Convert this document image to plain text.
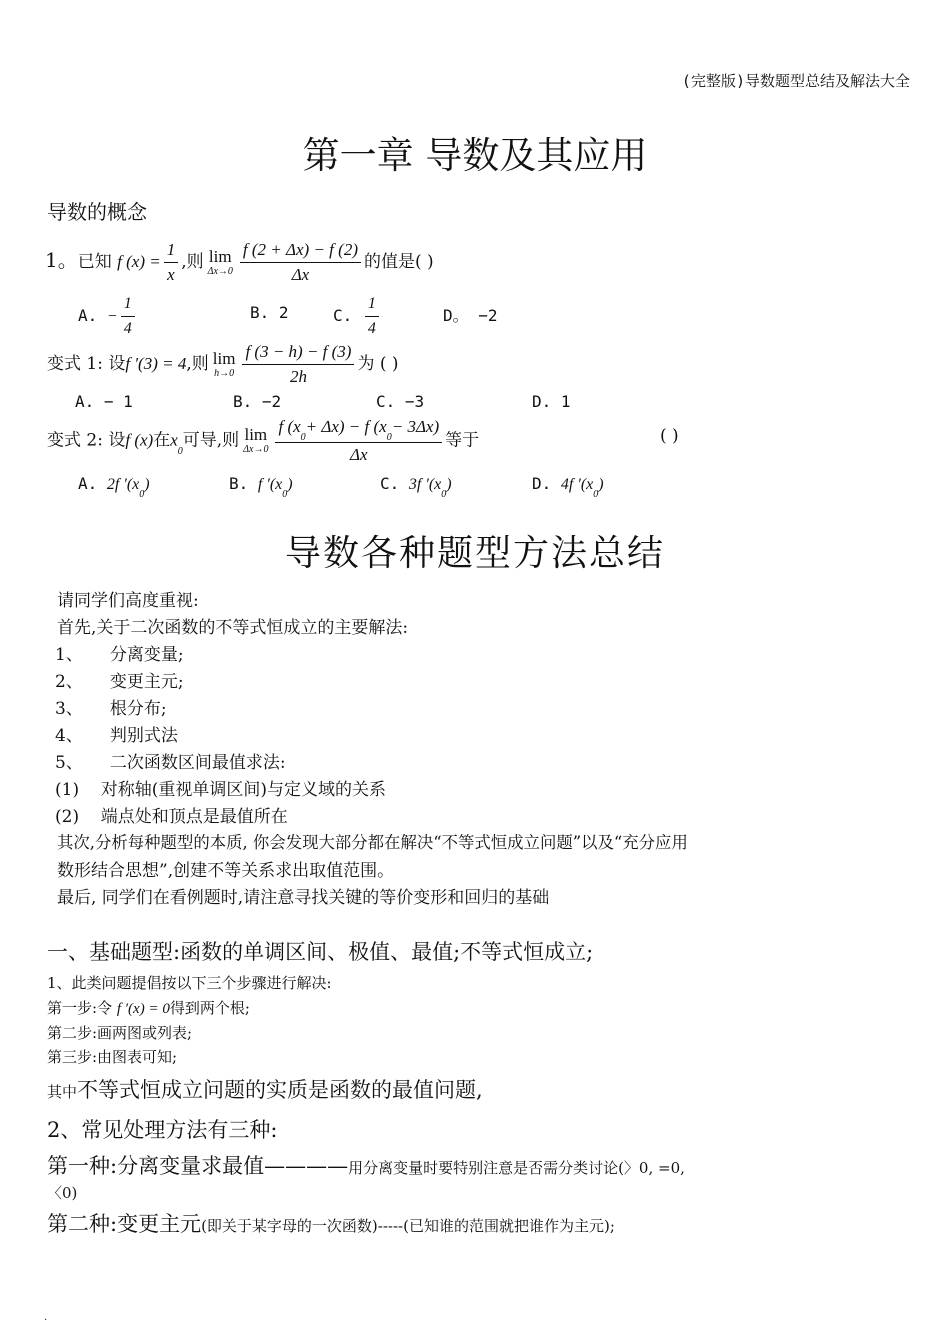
(完整版)导数题型总结及解法大全
第一章 导数及其应用
导数的概念
1。已知 f $(x) = \frac{1}{x}$ ,则 lim
$\Delta x\to 0 \frac{f (2 + \Delta x) - f (2)}{\Delta x}$ 的值是( )
A. − $\frac{1}{4}$	B. 2	C. $\frac{1}{4}$	D。 −2
变式 1: 设f ′(3) = 4,则 lim
$h\to 0 \frac{f (3 - h) - f (3)}{2h}$ 为 ( )
A. − 1	B. −2	C. −3	D. 1
变式 2: 设f (x)在$x_0$可导,则 lim
$\Delta x\to 0 \frac{f (x_0+ \Delta x) - f (x_0- 3\Delta x)}{\Delta x}$ 等于	( )
A. 2f $'(x_0)$	B. f $'(x_0)$	C. 3f $'(x_0)$	D. 4f $'(x_0)$
导数各种题型方法总结
请同学们高度重视:
首先,关于二次函数的不等式恒成立的主要解法:
1、     分离变量;
2、     变更主元;
3、     根分布;
4、     判别式法
5、     二次函数区间最值求法:
(1)    对称轴(重视单调区间)与定义域的关系
(2)    端点处和顶点是最值所在
其次,分析每种题型的本质, 你会发现大部分都在解决“不等式恒成立问题”以及“充分应用
数形结合思想”,创建不等关系求出取值范围。
最后, 同学们在看例题时,请注意寻找关键的等价变形和回归的基础
一、基础题型:函数的单调区间、极值、最值;不等式恒成立;
1、此类问题提倡按以下三个步骤进行解决:
第一步:令 f ′(x) = 0得到两个根;
第二步:画两图或列表;
第三步:由图表可知;
其中不等式恒成立问题的实质是函数的最值问题,
2、常见处理方法有三种:
第一种:分离变量求最值————用分离变量时要特别注意是否需分类讨论(〉0, =0,
〈0)
第二种:变更主元(即关于某字母的一次函数)-----(已知谁的范围就把谁作为主元);
.
